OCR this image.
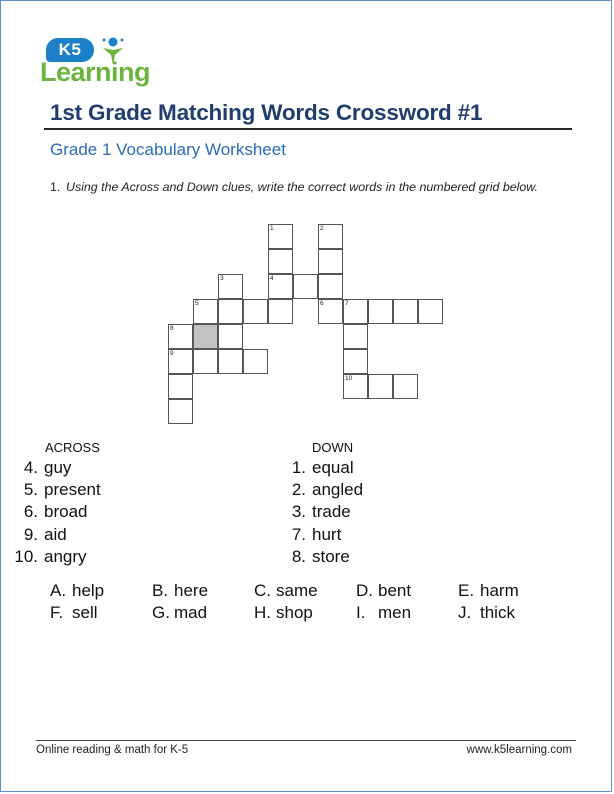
K5
Learning
1st Grade Matching Words Crossword #1
Grade 1 Vocabulary Worksheet
1. Using the Across and Down clues, write the correct words in the numbered grid below.
1
4
2
6
3
5	7
10
8
9
ACROSS
4. guy
5. present
6. broad
9. aid
10. angry
DOWN
1. equal
2. angled
3. trade
7. hurt
8. store
A. help	B. here	C. same D. bent	E. harm
F. sell	G. mad	H. shop	I. men	J. thick
Online reading & math for K-5	www.k5learning.com
